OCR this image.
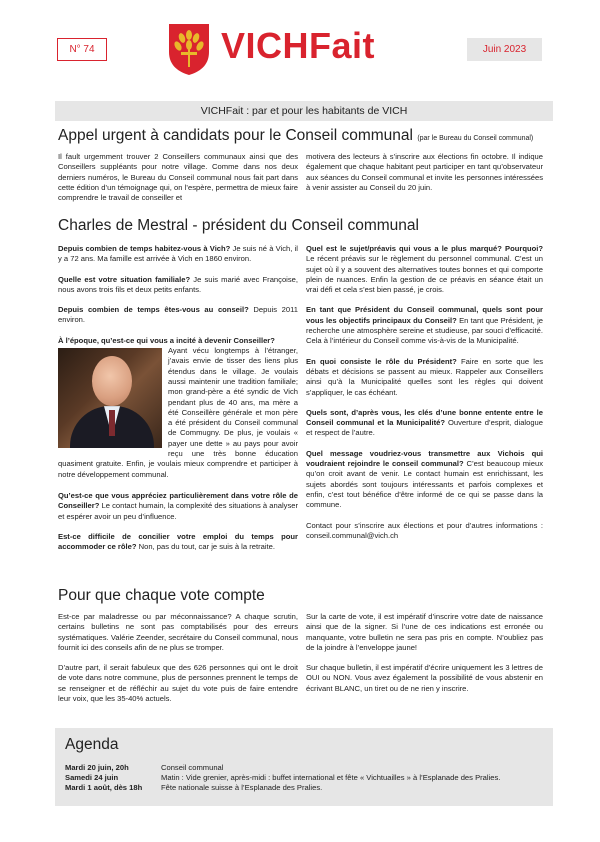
N° 74	VICHFait	Juin 2023
VICHFait : par et pour les habitants de VICH
Appel urgent à candidats pour le Conseil communal (par le Bureau du Conseil communal)

Il fault urgemment trouver 2 Conseillers communaux ainsi que des Conseillers suppléants pour notre village. Comme dans nos deux derniers numéros, le Bureau du Conseil communal nous fait part dans cette édition d’un témoignage qui, on l’espère, permettra de mieux faire comprendre le travail de conseiller et

motivera des lecteurs à s’inscrire aux élections fin octobre. Il indique également que chaque habitant peut participer en tant qu’observateur aux séances du Conseil communal et invite les personnes intéressées à venir assister au Conseil du 20 juin.

Charles de Mestral - président du Conseil communal

Depuis combien de temps habitez-vous à Vich? Je suis né à Vich, il y a 72 ans. Ma famille est arrivée à Vich en 1860 environ.

Quelle est votre situation familiale? Je suis marié avec Françoise, nous avons trois fils et deux petits enfants.

Depuis combien de temps êtes-vous au conseil? Depuis 2011 environ.

À l’époque, qu’est-ce qui vous a incité à devenir Conseiller?
Ayant vécu longtemps à l’étranger, j’avais envie de tisser des liens plus étendus dans le village. Je voulais aussi maintenir une tradition familiale; mon grand-père a été syndic de Vich pendant plus de 40 ans, ma mère a été Conseillère générale et mon père a été président du Conseil communal de Commugny. De plus, je voulais « payer une dette » au pays pour avoir reçu une très bonne éducation quasiment gratuite. Enfin, je voulais mieux comprendre et participer à notre développement communal.

Qu’est-ce que vous appréciez particulièrement dans votre rôle de Conseiller? Le contact humain, la complexité des situations à analyser et espérer avoir un peu d’influence.

Est-ce difficile de concilier votre emploi du temps pour accommoder ce rôle? Non, pas du tout, car je suis à la retraite.

Quel est le sujet/préavis qui vous a le plus marqué? Pourquoi? Le récent préavis sur le règlement du personnel communal. C’est un sujet où il y a souvent des alternatives toutes bonnes et qui comporte plein de nuances. Enfin la gestion de ce préavis en séance était un vrai défi et cela s’est bien passé, je crois.

En tant que Président du Conseil communal, quels sont pour vous les objectifs principaux du Conseil? En tant que Président, je recherche une atmosphère sereine et studieuse, par souci d’efficacité. Cela à l’intérieur du Conseil comme vis-à-vis de la Municipalité.

En quoi consiste le rôle du Président? Faire en sorte que les débats et décisions se passent au mieux. Rappeler aux Conseillers ainsi qu’à la Municipalité quelles sont les règles qui doivent s’appliquer, le cas échéant.

Quels sont, d’après vous, les clés d’une bonne entente entre le Conseil communal et la Municipalité? Ouverture d’esprit, dialogue et respect de l’autre.

Quel message voudriez-vous transmettre aux Vichois qui voudraient rejoindre le conseil communal? C’est beaucoup mieux qu’on croit avant de venir. Le contact humain est enrichissant, les sujets abordés sont toujours intéressants et parfois complexes et enfin, c’est tout bénéfice d’être informé de ce qui se passe dans la commune.

Contact pour s’inscrire aux élections et pour d’autres informations : conseil.communal@vich.ch

Pour que chaque vote compte

Est-ce par maladresse ou par méconnaissance? A chaque scrutin, certains bulletins ne sont pas comptabilisés pour des erreurs systématiques. Valérie Zeender, secrétaire du Conseil communal, nous fournit ici des conseils afin de ne plus se tromper.

D’autre part, il serait fabuleux que des 626 personnes qui ont le droit de vote dans notre commune, plus de personnes prennent le temps de se renseigner et de réfléchir au sujet du vote puis de faire entendre leur voix, que les 35-40% actuels.

Sur la carte de vote, il est impératif d’inscrire votre date de naissance ainsi que de la signer. Si l’une de ces indications est erronée ou manquante, votre bulletin ne sera pas pris en compte. N’oubliez pas de la joindre à l’enveloppe jaune!

Sur chaque bulletin, il est impératif d’écrire uniquement les 3 lettres de OUI ou NON. Vous avez également la possibilité de vous abstenir en écrivant BLANC, un tiret ou de ne rien y inscrire.

Agenda
Mardi 20 juin, 20h	Conseil communal
Samedi 24 juin	Matin : Vide grenier, après-midi : buffet international et fête « Vichtuailles » à l’Esplanade des Pralies.
Mardi 1 août, dès 18h Fête nationale suisse à l’Esplanade des Pralies.
